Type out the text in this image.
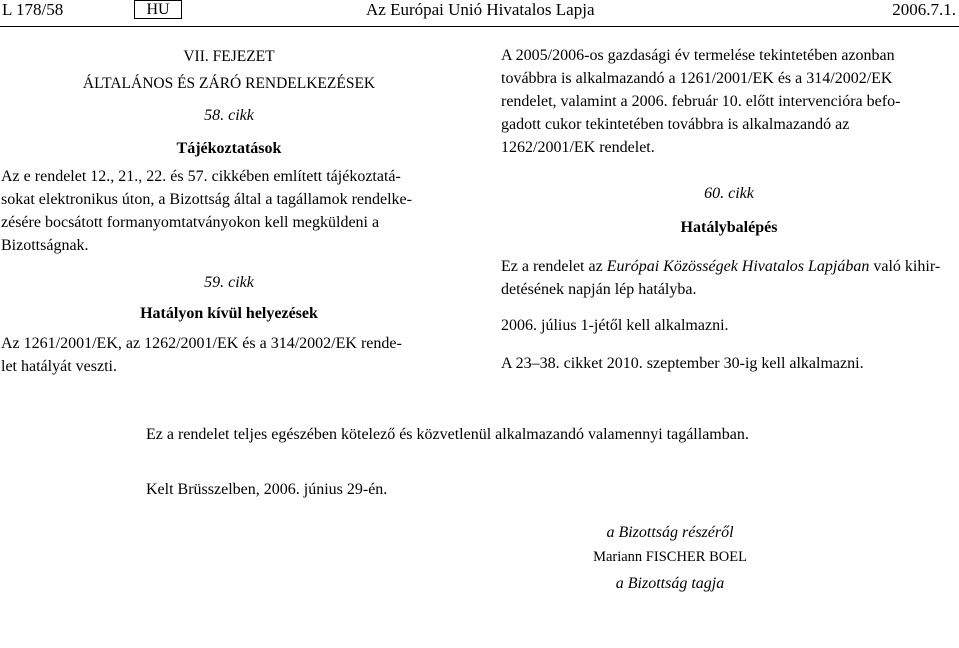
L 178/58	HU	Az Európai Unió Hivatalos Lapja	2006.7.1.
VII. FEJEZET
ÁLTALÁNOS ÉS ZÁRÓ RENDELKEZÉSEK
58. cikk
Tájékoztatások
Az e rendelet 12., 21., 22. és 57. cikkében említett tájékoztatá-
sokat elektronikus úton, a Bizottság által a tagállamok rendelke-
zésére bocsátott formanyomtatványokon kell megküldeni a
Bizottságnak.
59. cikk
Hatályon kívül helyezések
Az 1261/2001/EK, az 1262/2001/EK és a 314/2002/EK rende-
let hatályát veszti.
A 2005/2006-os gazdasági év termelése tekintetében azonban
továbbra is alkalmazandó a 1261/2001/EK és a 314/2002/EK
rendelet, valamint a 2006. február 10. előtt intervencióra befo-
gadott cukor tekintetében továbbra is alkalmazandó az
1262/2001/EK rendelet.
60. cikk
Hatálybalépés
Ez a rendelet az Európai Közösségek Hivatalos Lapjában való kihir-
detésének napján lép hatályba.
2006. július 1-jétől kell alkalmazni.
A 23–38. cikket 2010. szeptember 30-ig kell alkalmazni.
Ez a rendelet teljes egészében kötelező és közvetlenül alkalmazandó valamennyi tagállamban.
Kelt Brüsszelben, 2006. június 29-én.
a Bizottság részéről
Mariann FISCHER BOEL
a Bizottság tagja
